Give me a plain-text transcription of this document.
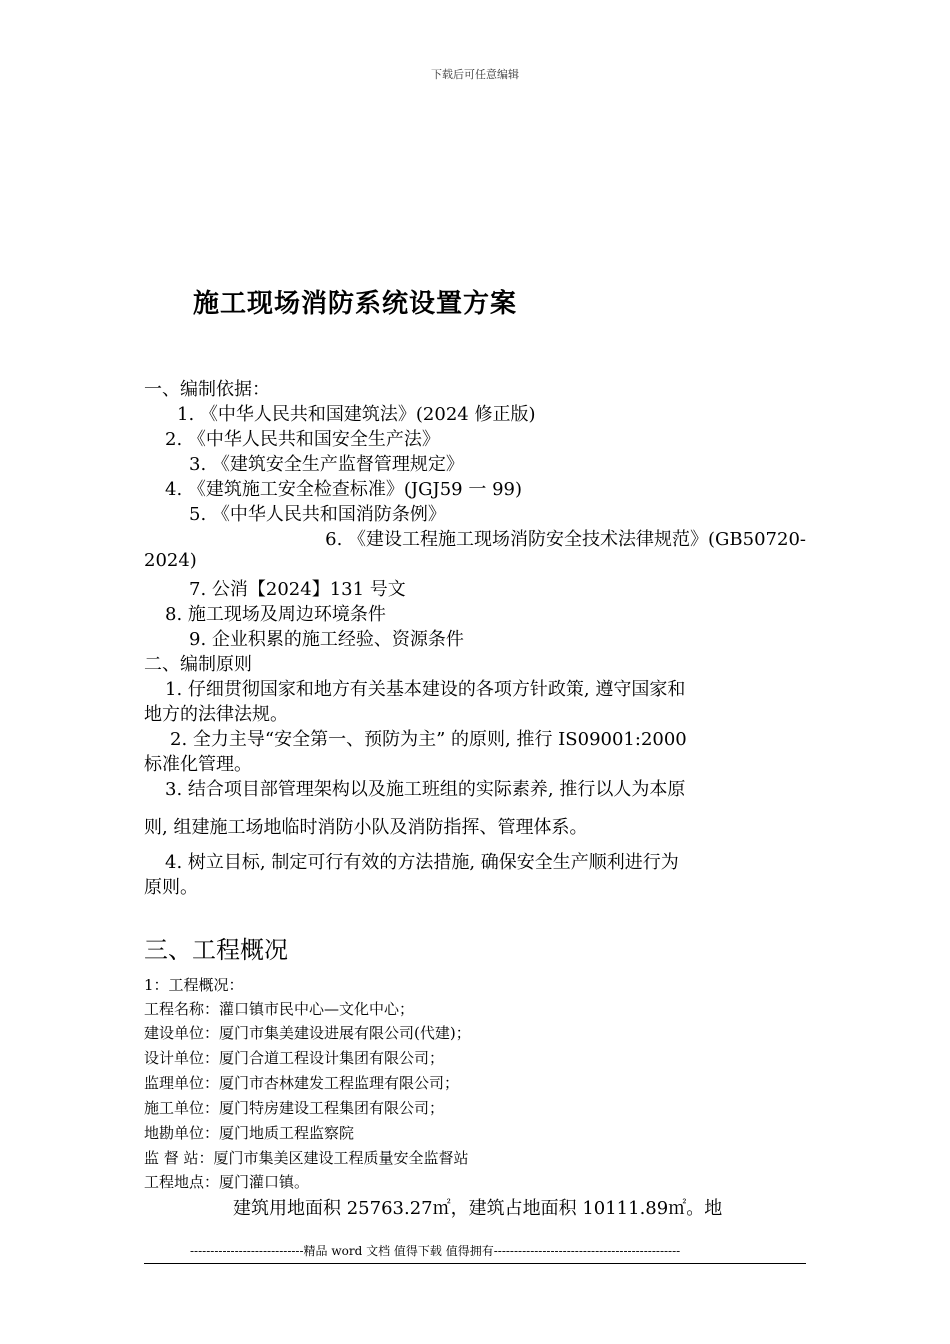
下载后可任意编辑
施工现场消防系统设置方案
一、编制依据：
1. 《中华人民共和国建筑法》(2024 修正版)
2. 《中华人民共和国安全生产法》
3. 《建筑安全生产监督管理规定》
4. 《建筑施工安全检查标准》(JGJ59 一 99)
5. 《中华人民共和国消防条例》
6. 《建设工程施工现场消防安全技术法律规范》(GB50720-
2024)
7. 公消【2024】131 号文
8. 施工现场及周边环境条件
9. 企业积累的施工经验、资源条件
二、编制原则
1. 仔细贯彻国家和地方有关基本建设的各项方针政策, 遵守国家和
地方的法律法规。
2. 全力主导“安全第一、预防为主” 的原则, 推行 IS09001:2000
标准化管理。
3. 结合项目部管理架构以及施工班组的实际素养, 推行以人为本原
则, 组建施工场地临时消防小队及消防指挥、管理体系。
4. 树立目标, 制定可行有效的方法措施, 确保安全生产顺利进行为
原则。
三、工程概况
1：工程概况：
工程名称：灌口镇市民中心—文化中心；
建设单位：厦门市集美建设进展有限公司(代建)；
设计单位：厦门合道工程设计集团有限公司；
监理单位：厦门市杏林建发工程监理有限公司；
施工单位：厦门特房建设工程集团有限公司；
地勘单位：厦门地质工程监察院
监 督 站：厦门市集美区建设工程质量安全监督站
工程地点：厦门灌口镇。
建筑用地面积 25763.27㎡，建筑占地面积 10111.89㎡。地
----------------------------精品 word 文档 值得下载 值得拥有----------------------------------------------
